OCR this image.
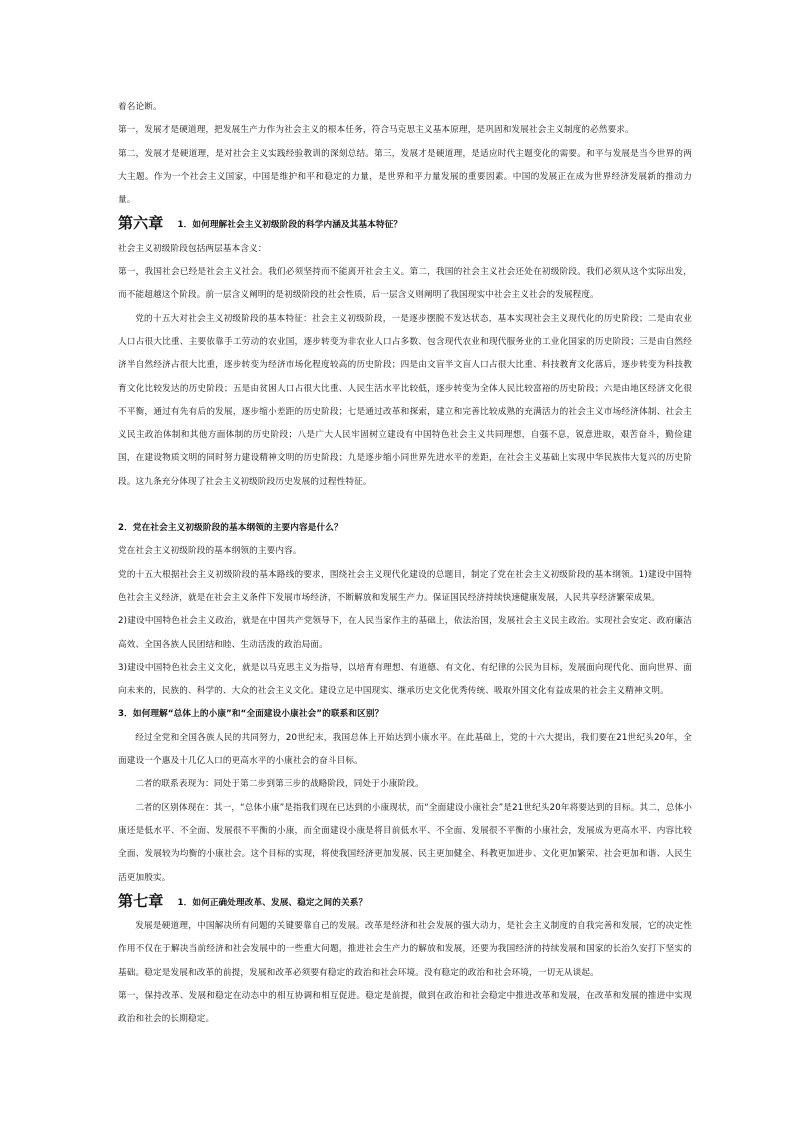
着名论断。

第一，发展才是硬道理，把发展生产力作为社会主义的根本任务，符合马克思主义基本原理，是巩固和发展社会主义制度的必然要求。

第二，发展才是硬道理，是对社会主义实践经验教训的深刻总结。第三，发展才是硬道理，是适应时代主题变化的需要。和平与发展是当今世界的两大主题。作为一个社会主义国家，中国是维护和平和稳定的力量，是世界和平力量发展的重要因素。中国的发展正在成为世界经济发展新的推动力量。

第六章 1．如何理解社会主义初级阶段的科学内涵及其基本特征？

社会主义初级阶段包括两层基本含义：

第一，我国社会已经是社会主义社会。我们必须坚持而不能离开社会主义。第二，我国的社会主义社会还处在初级阶段。我们必须从这个实际出发，而不能超越这个阶段。前一层含义阐明的是初级阶段的社会性质，后一层含义则阐明了我国现实中社会主义社会的发展程度。

党的十五大对社会主义初级阶段的基本特征：社会主义初级阶段，一是逐步摆脱不发达状态，基本实现社会主义现代化的历史阶段；二是由农业人口占很大比重、主要依靠手工劳动的农业国，逐步转变为非农业人口占多数、包含现代农业和现代服务业的工业化国家的历史阶段；三是由自然经济半自然经济占很大比重，逐步转变为经济市场化程度较高的历史阶段；四是由文盲半文盲人口占很大比重、科技教育文化落后，逐步转变为科技教育文化比较发达的历史阶段；五是由贫困人口占很大比重、人民生活水平比较低，逐步转变为全体人民比较富裕的历史阶段；六是由地区经济文化很不平衡，通过有先有后的发展，逐步缩小差距的历史阶段；七是通过改革和探索，建立和完善比较成熟的充满活力的社会主义市场经济体制、社会主义民主政治体制和其他方面体制的历史阶段；八是广大人民牢固树立建设有中国特色社会主义共同理想，自强不息，锐意进取，艰苦奋斗，勤俭建国，在建设物质文明的同时努力建设精神文明的历史阶段；九是逐步缩小同世界先进水平的差距，在社会主义基础上实现中华民族伟大复兴的历史阶段。这九条充分体现了社会主义初级阶段历史发展的过程性特征。

2．党在社会主义初级阶段的基本纲领的主要内容是什么？

党在社会主义初级阶段的基本纲领的主要内容。

党的十五大根据社会主义初级阶段的基本路线的要求，围绕社会主义现代化建设的总题目，制定了党在社会主义初级阶段的基本纲领。1)建设中国特色社会主义经济，就是在社会主义条件下发展市场经济，不断解放和发展生产力。保证国民经济持续快速健康发展，人民共享经济繁荣成果。

2)建设中国特色社会主义政治，就是在中国共产党领导下，在人民当家作主的基础上，依法治国，发展社会主义民主政治。实现社会安定、政府廉洁高效、全国各族人民团结和睦、生动活泼的政治局面。

3)建设中国特色社会主义文化，就是以马克思主义为指导，以培育有理想、有道德、有文化、有纪律的公民为目标，发展面向现代化、面向世界、面向未来的，民族的、科学的、大众的社会主义文化。建设立足中国现实、继承历史文化优秀传统、吸取外国文化有益成果的社会主义精神文明。

3．如何理解“总体上的小康”和“全面建设小康社会”的联系和区别？

经过全党和全国各族人民的共同努力，20世纪末，我国总体上开始达到小康水平。在此基础上，党的十六大提出，我们要在21世纪头20年，全面建设一个惠及十几亿人口的更高水平的小康社会的奋斗目标。

二者的联系表现为：同处于第二步到第三步的战略阶段，同处于小康阶段。

二者的区别体现在：其一，“总体小康”是指我们现在已达到的小康现状，而“全面建设小康社会”是21世纪头20年将要达到的目标。其二，总体小康还是低水平、不全面、发展很不平衡的小康，而全面建设小康是将目前低水平、不全面、发展很不平衡的小康社会，发展成为更高水平、内容比较全面、发展较为均衡的小康社会。这个目标的实现，将使我国经济更加发展、民主更加健全、科教更加进步、文化更加繁荣、社会更加和谐、人民生活更加殷实。

第七章 1．如何正确处理改革、发展、稳定之间的关系？

发展是硬道理，中国解决所有问题的关键要靠自己的发展。改革是经济和社会发展的强大动力，是社会主义制度的自我完善和发展，它的决定性作用不仅在于解决当前经济和社会发展中的一些重大问题，推进社会生产力的解放和发展，还要为我国经济的持续发展和国家的长治久安打下坚实的基础。稳定是发展和改革的前提，发展和改革必须要有稳定的政治和社会环境。没有稳定的政治和社会环境，一切无从谈起。

第一，保持改革、发展和稳定在动态中的相互协调和相互促进。稳定是前提，做到在政治和社会稳定中推进改革和发展，在改革和发展的推进中实现政治和社会的长期稳定。
